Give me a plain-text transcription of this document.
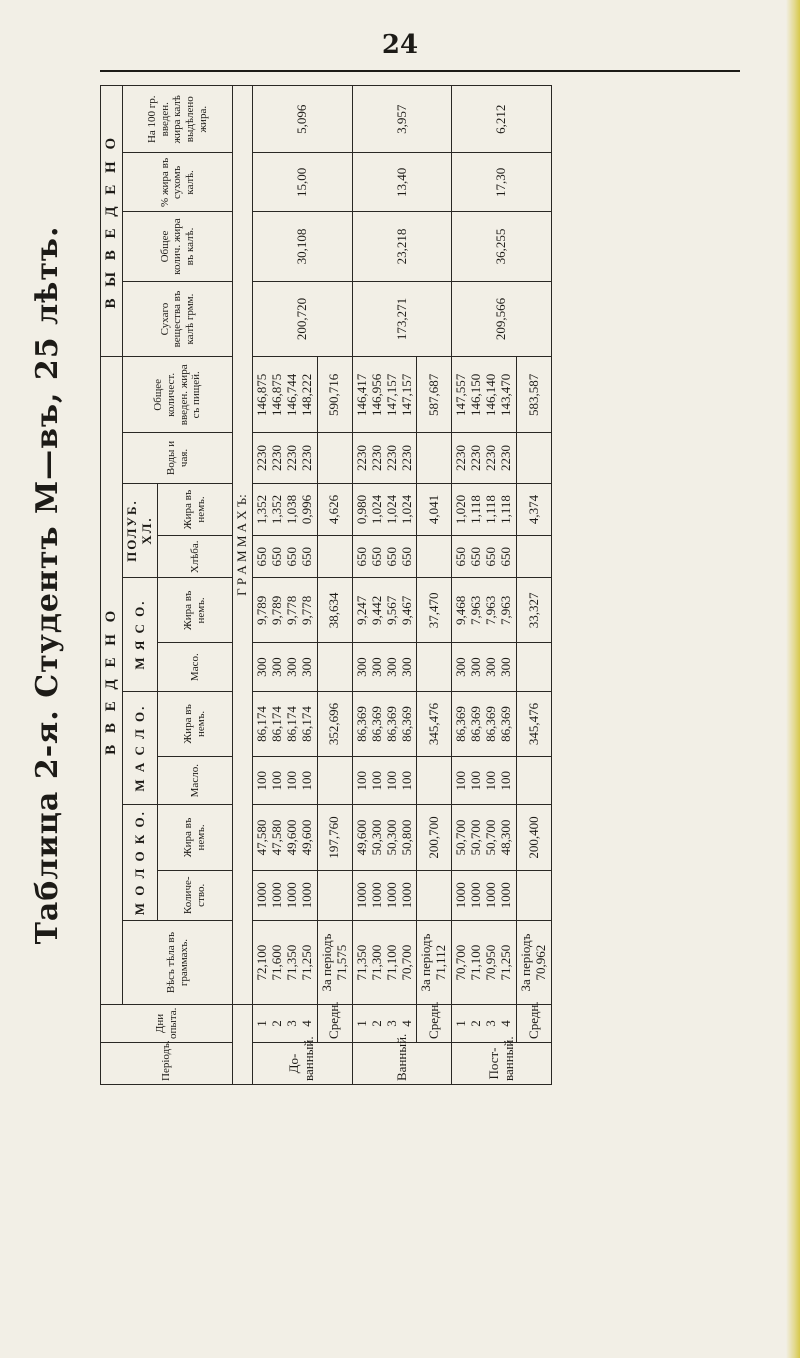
24
Таблица 2-я. Студентъ М—въ, 25 лѣтъ.
Періодъ.	Дни опыта.	В В Е Д Е Н О											В Ы В Е Д Е Н О			
		Вѣсъ тѣла въ граммахъ.	М О Л О К О.		М А С Л О.		М Я С О.		ПОЛУБ. ХЛ.		Воды и чая.	Общее количест. введен. жира съ пищей.	Сухаго вещества въ калѣ грмм.	Общее колич. жира въ калѣ.	% жира въ сухомъ калѣ.	На 100 гр. введен. жира калѣ выдѣлено жира.
			Количе-ство.	Жира въ немъ.	Масло.	Жира въ немъ.	Масо.	Жира въ немъ.	Хлѣба.	Жира въ немъ.						
		Г Р А М М А Х Ъ:														
До-ванный.	1 2 3 4	72,100 71,600 71,350 71,250	1000 1000 1000 1000	47,580 47,580 49,600 49,600	100 100 100 100	86,174 86,174 86,174 86,174	300 300 300 300	9,789 9,789 9,778 9,778	650 650 650 650	1,352 1,352 1,038 0,996	2230 2230 2230 2230	146,875 146,875 146,744 148,222	200,720	30,108	15,00	5,096
	Средн.	За періодъ 71,575		197,760		352,696		38,634		4,626		590,716				
Ванный.	1 2 3 4	71,350 71,300 71,100 70,700	1000 1000 1000 1000	49,600 50,300 50,300 50,800	100 100 100 100	86,369 86,369 86,369 86,369	300 300 300 300	9,247 9,442 9,567 9,467	650 650 650 650	0,980 1,024 1,024 1,024	2230 2230 2230 2230	146,417 146,956 147,157 147,157	173,271	23,218	13,40	3,957
	Средн.	За періодъ 71,112		200,700		345,476		37,470		4,041		587,687				
Пост-ванный.	1 2 3 4	70,700 71,100 70,950 71,250	1000 1000 1000 1000	50,700 50,700 50,700 48,300	100 100 100 100	86,369 86,369 86,369 86,369	300 300 300 300	9,468 7,963 7,963 7,963	650 650 650 650	1,020 1,118 1,118 1,118	2230 2230 2230 2230	147,557 146,150 146,140 143,470	209,566	36,255	17,30	6,212
	Средн.	За періодъ 70,962		200,400		345,476		33,327		4,374		583,587				
